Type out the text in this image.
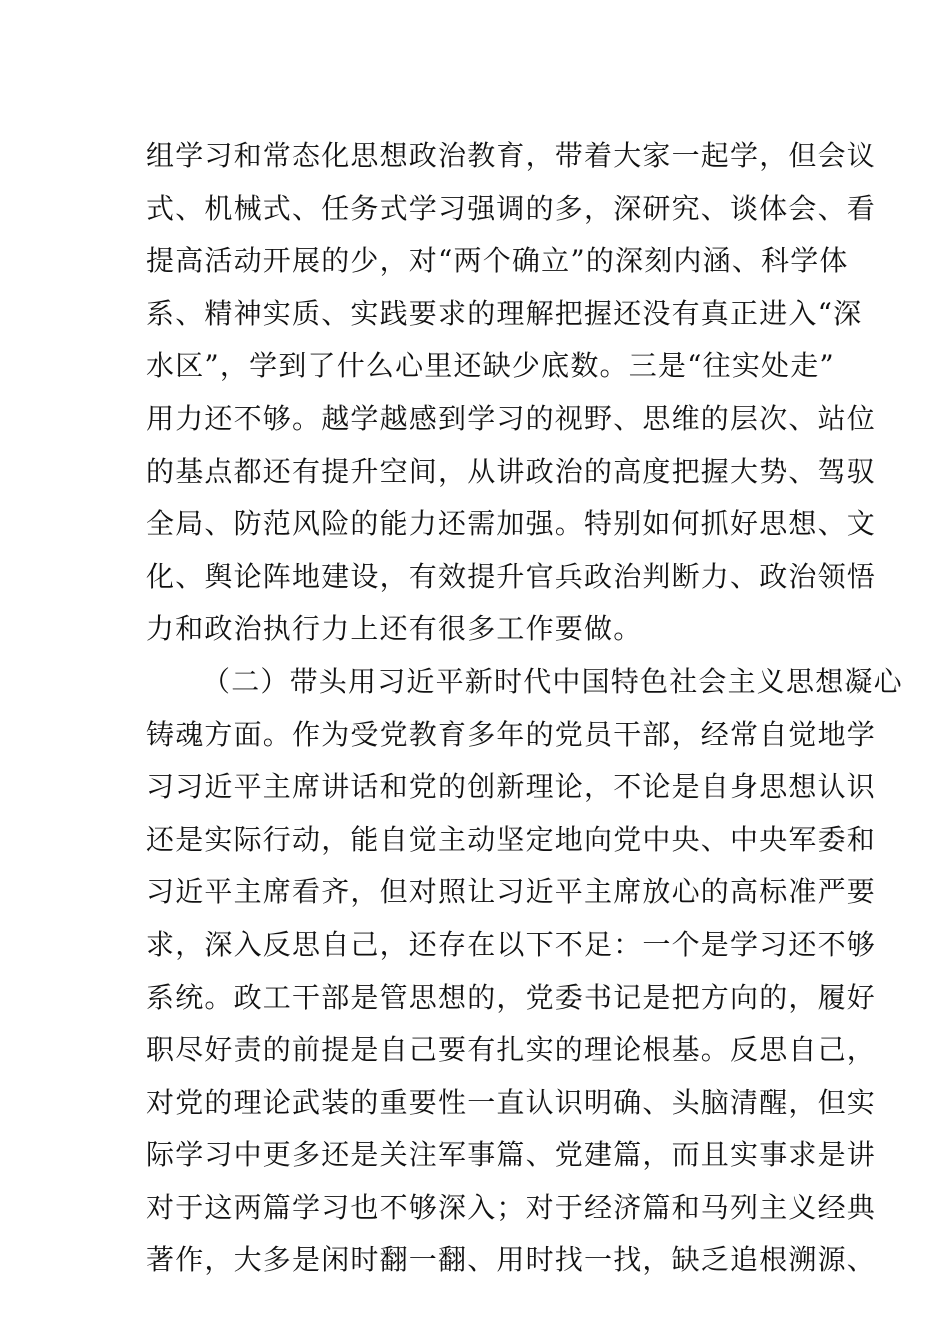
组学习和常态化思想政治教育，带着大家一起学，但会议
式、机械式、任务式学习强调的多，深研究、谈体会、看
提高活动开展的少，对“两个确立”的深刻内涵、科学体
系、精神实质、实践要求的理解把握还没有真正进入“深
水区”，学到了什么心里还缺少底数。三是“往实处走”
用力还不够。越学越感到学习的视野、思维的层次、站位
的基点都还有提升空间，从讲政治的高度把握大势、驾驭
全局、防范风险的能力还需加强。特别如何抓好思想、文
化、舆论阵地建设，有效提升官兵政治判断力、政治领悟
力和政治执行力上还有很多工作要做。
（二）带头用习近平新时代中国特色社会主义思想凝心
铸魂方面。作为受党教育多年的党员干部，经常自觉地学
习习近平主席讲话和党的创新理论，不论是自身思想认识
还是实际行动，能自觉主动坚定地向党中央、中央军委和
习近平主席看齐，但对照让习近平主席放心的高标准严要
求，深入反思自己，还存在以下不足：一个是学习还不够
系统。政工干部是管思想的，党委书记是把方向的，履好
职尽好责的前提是自己要有扎实的理论根基。反思自己，
对党的理论武装的重要性一直认识明确、头脑清醒，但实
际学习中更多还是关注军事篇、党建篇，而且实事求是讲
对于这两篇学习也不够深入；对于经济篇和马列主义经典
著作，大多是闲时翻一翻、用时找一找，缺乏追根溯源、
